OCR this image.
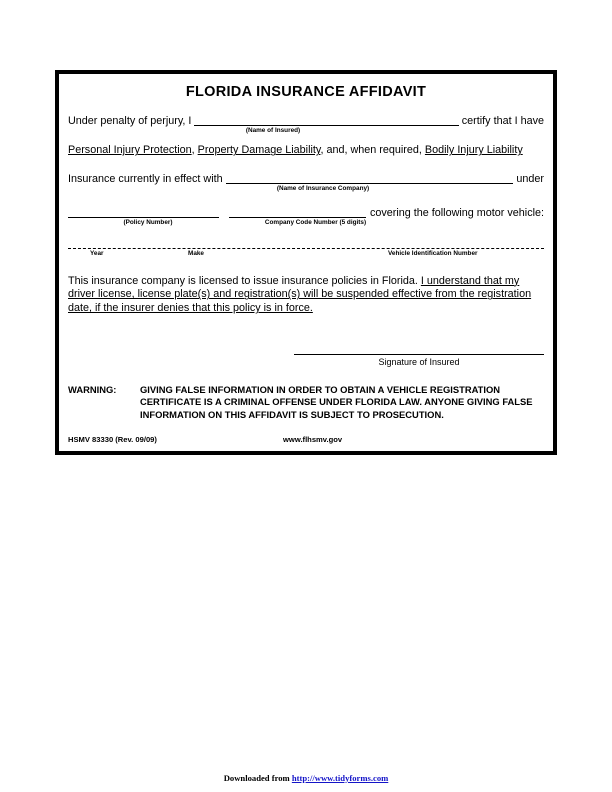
FLORIDA INSURANCE AFFIDAVIT
Under penalty of perjury, I	certify that I have
(Name of Insured)
Personal Injury Protection, Property Damage Liability, and, when required, Bodily Injury Liability
Insurance currently in effect with	under
(Name of Insurance Company)
covering the following motor vehicle:
(Policy Number)	Company Code Number (5 digits)
Year	Make	Vehicle Identification Number
This insurance company is licensed to issue insurance policies in Florida. I understand that my driver license, license plate(s) and registration(s) will be suspended effective from the registration date, if the insurer denies that this policy is in force.
Signature of Insured
WARNING:	GIVING FALSE INFORMATION IN ORDER TO OBTAIN A VEHICLE REGISTRATION CERTIFICATE IS A CRIMINAL OFFENSE UNDER FLORIDA LAW. ANYONE GIVING FALSE INFORMATION ON THIS AFFIDAVIT IS SUBJECT TO PROSECUTION.
HSMV 83330 (Rev. 09/09)	www.flhsmv.gov
Downloaded from http://www.tidyforms.com
